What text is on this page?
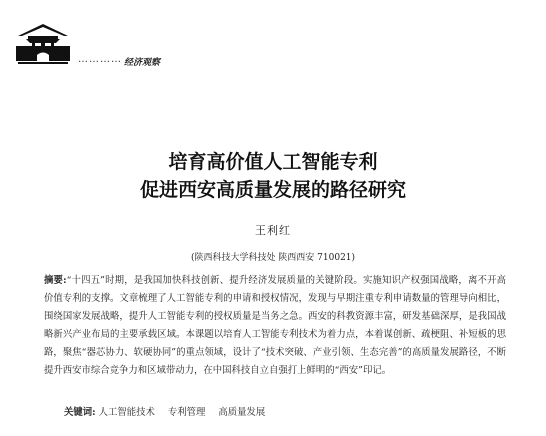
………… 经济观察
培育高价值人工智能专利
促进西安高质量发展的路径研究
王利红
(陕西科技大学科技处 陕西西安 710021)
摘要:“十四五”时期，是我国加快科技创新、提升经济发展质量的关键阶段。实施知识产权强国战略，离不开高价值专利的支撑。文章梳理了人工智能专利的申请和授权情况，发现与早期注重专利申请数量的管理导向相比，围绕国家发展战略，提升人工智能专利的授权质量是当务之急。西安的科教资源丰富，研发基础深厚，是我国战略新兴产业布局的主要承载区域。本课题以培育人工智能专利技术为着力点，本着谋创新、疏梗阻、补短板的思路，聚焦“器芯协力、软硬协同”的重点领域，设计了“技术突破、产业引领、生态完善”的高质量发展路径，不断提升西安市综合竞争力和区域带动力，在中国科技自立自强打上鲜明的“西安”印记。
关键词: 人工智能技术 专利管理 高质量发展
